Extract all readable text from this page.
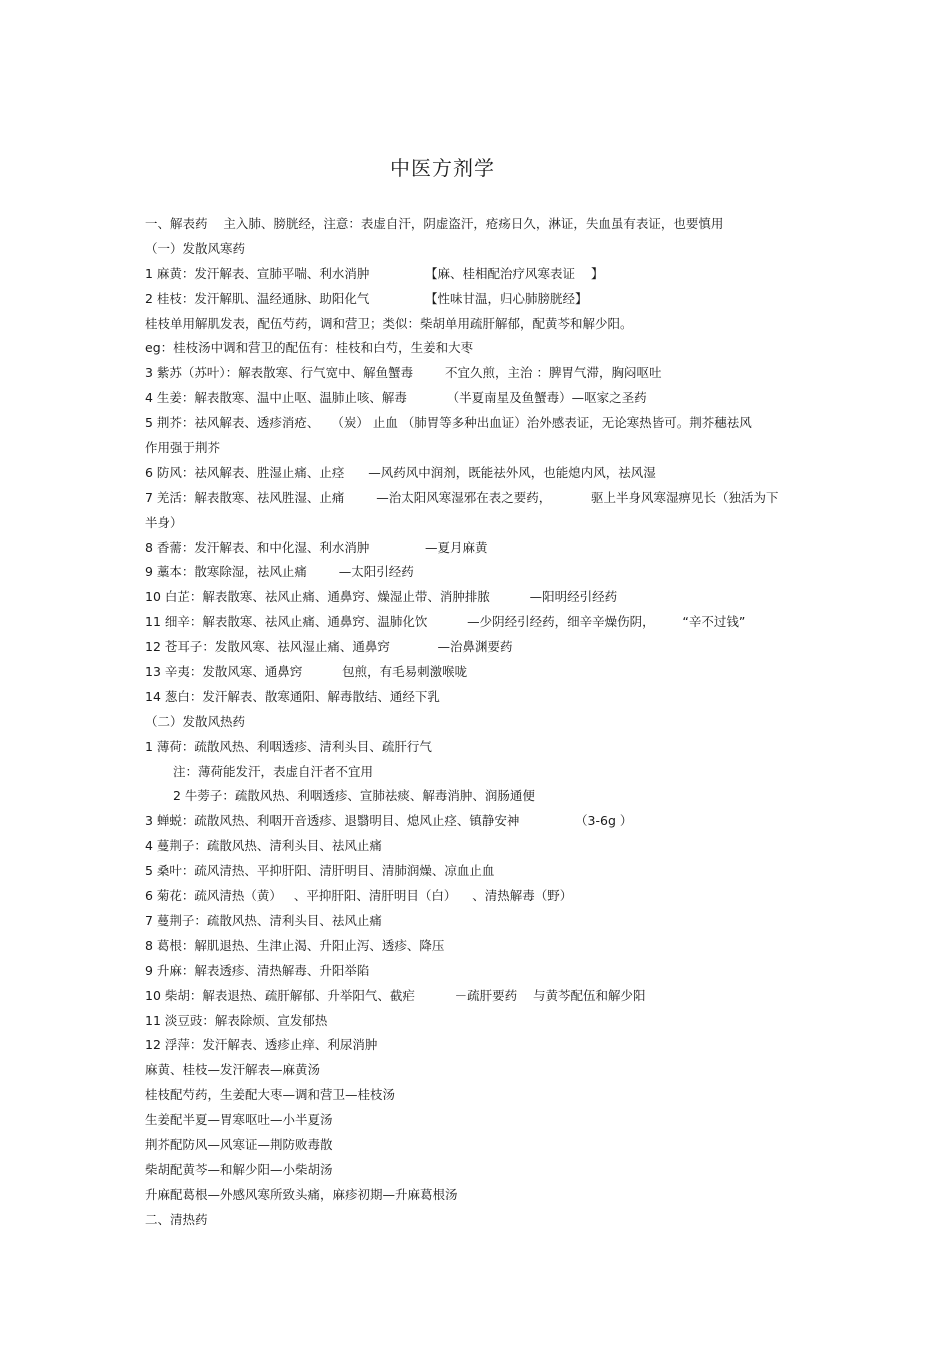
中医方剂学
一、解表药    主入肺、膀胱经，注意：表虚自汗，阴虚盗汗，疮疡日久，淋证，失血虽有表证，也要慎用
（一）发散风寒药
1 麻黄：发汗解表、宣肺平喘、利水消肿              【麻、桂相配治疗风寒表证    】
2 桂枝：发汗解肌、温经通脉、助阳化气              【性味甘温，归心肺膀胱经】
桂枝单用解肌发表，配伍芍药，调和营卫；类似：柴胡单用疏肝解郁，配黄芩和解少阳。
eg：桂枝汤中调和营卫的配伍有：桂枝和白芍，生姜和大枣
3 紫苏（苏叶）：解表散寒、行气宽中、解鱼蟹毒        不宜久煎，主治 ：脾胃气滞，胸闷呕吐
4 生姜：解表散寒、温中止呕、温肺止咳、解毒          （半夏南星及鱼蟹毒）—呕家之圣药
5 荆芥：祛风解表、透疹消疮、   （炭） 止血 （肺胃等多种出血证）治外感表证，无论寒热皆可。荆芥穗祛风
作用强于荆芥
6 防风：祛风解表、胜湿止痛、止痉      —风药风中润剂，既能祛外风，也能熄内风，祛风湿
7 羌活：解表散寒、祛风胜湿、止痛        —治太阳风寒湿邪在表之要药，          驱上半身风寒湿痹见长（独活为下
半身）
8 香薷：发汗解表、和中化湿、利水消肿              —夏月麻黄
9 藁本：散寒除湿，祛风止痛        —太阳引经药
10 白芷：解表散寒、祛风止痛、通鼻窍、燥湿止带、消肿排脓          —阳明经引经药
11 细辛：解表散寒、祛风止痛、通鼻窍、温肺化饮          —少阴经引经药，细辛辛燥伤阴，       “辛不过钱”
12 苍耳子：发散风寒、祛风湿止痛、通鼻窍            —治鼻渊要药
13 辛夷：发散风寒、通鼻窍          包煎，有毛易刺激喉咙
14 葱白：发汗解表、散寒通阳、解毒散结、通经下乳
（二）发散风热药
1 薄荷：疏散风热、利咽透疹、清利头目、疏肝行气
注：薄荷能发汗，表虚自汗者不宜用
2 牛蒡子：疏散风热、利咽透疹、宣肺祛痰、解毒消肿、润肠通便
3 蝉蜕：疏散风热、利咽开音透疹、退翳明目、熄风止痉、镇静安神              （3-6g ）
4 蔓荆子：疏散风热、清利头目、祛风止痛
5 桑叶：疏风清热、平抑肝阳、清肝明目、清肺润燥、凉血止血
6 菊花：疏风清热（黄）   、平抑肝阳、清肝明目（白）    、清热解毒（野）
7 蔓荆子：疏散风热、清利头目、祛风止痛
8 葛根：解肌退热、生津止渴、升阳止泻、透疹、降压
9 升麻：解表透疹、清热解毒、升阳举陷
10 柴胡：解表退热、疏肝解郁、升举阳气、截疟          －疏肝要药    与黄芩配伍和解少阳
11 淡豆豉：解表除烦、宣发郁热
12 浮萍：发汗解表、透疹止痒、利尿消肿
麻黄、桂枝—发汗解表—麻黄汤
桂枝配芍药，生姜配大枣—调和营卫—桂枝汤
生姜配半夏—胃寒呕吐—小半夏汤
荆芥配防风—风寒证—荆防败毒散
柴胡配黄芩—和解少阳—小柴胡汤
升麻配葛根—外感风寒所致头痛，麻疹初期—升麻葛根汤
二、清热药
